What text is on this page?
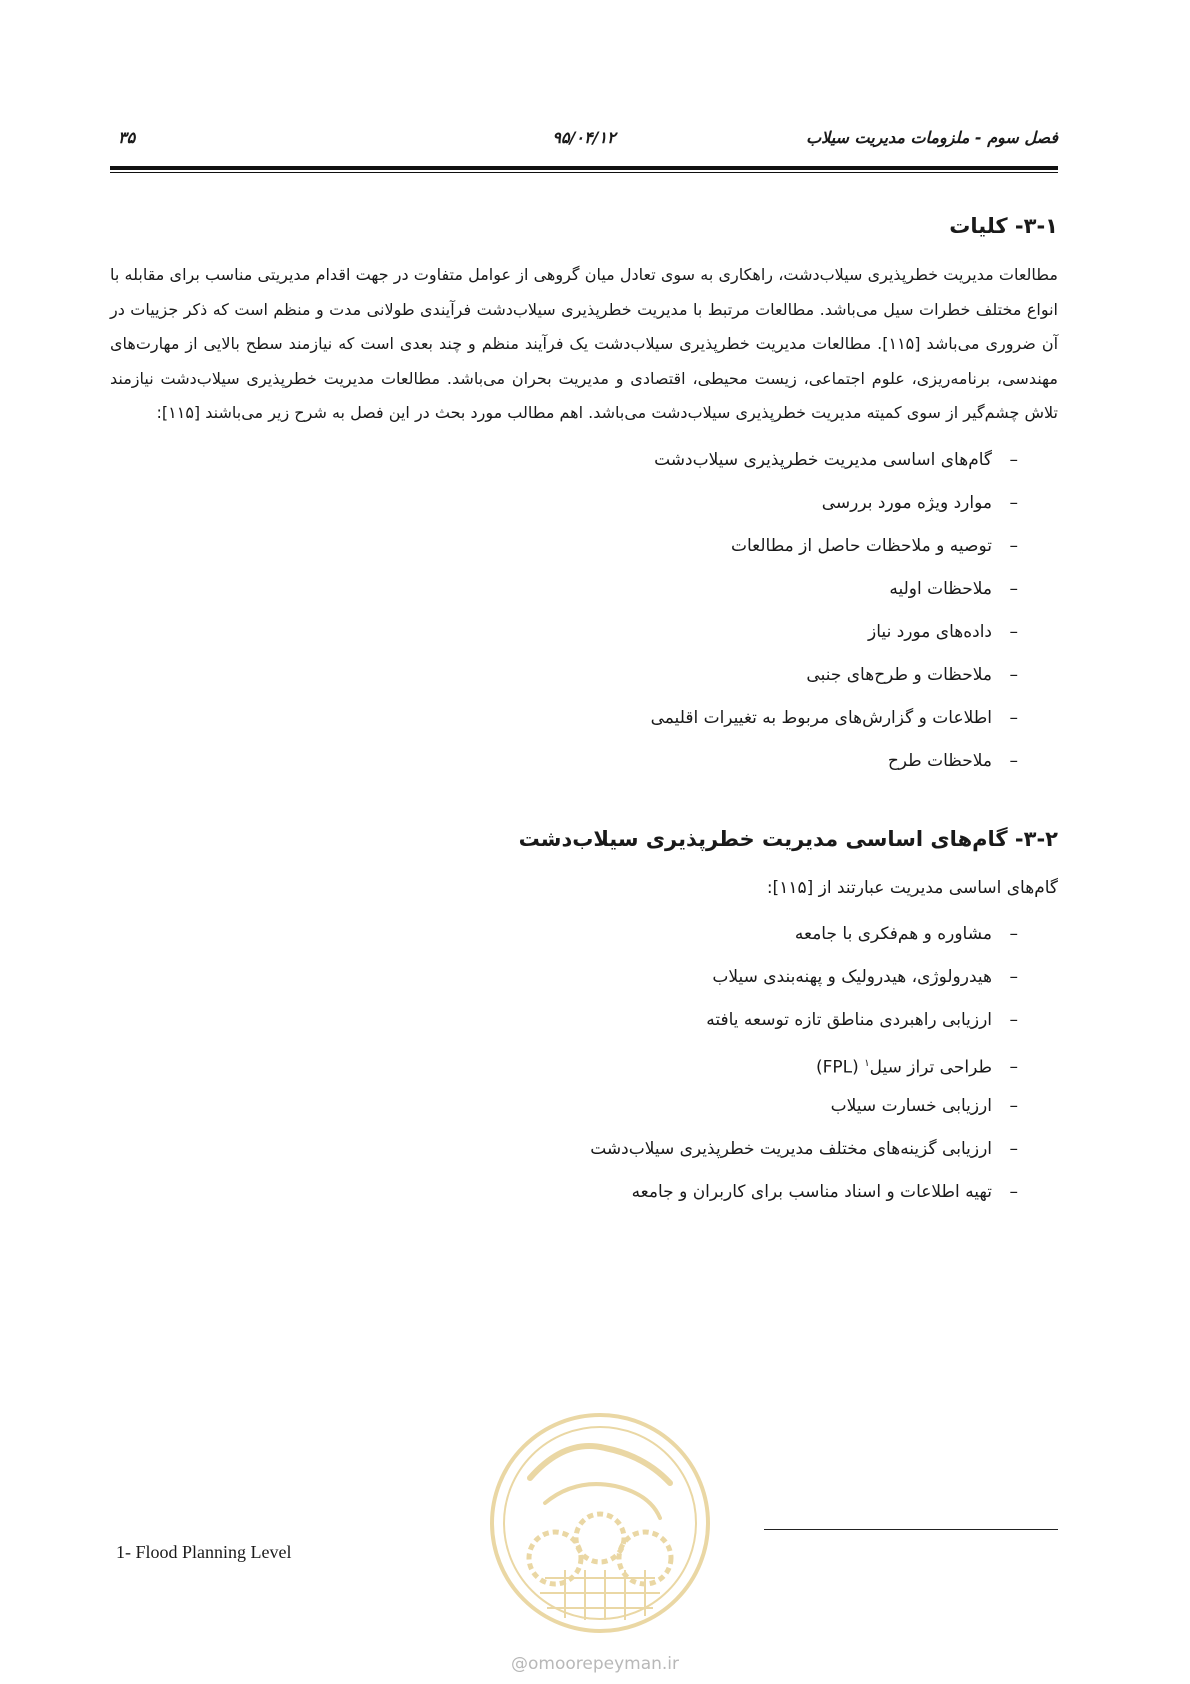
۳۵	۹۵/۰۴/۱۲	فصل سوم - ملزومات مدیریت سیلاب
۳-۱- کلیات

مطالعات مدیریت خطرپذیری سیلاب‌دشت، راهکاری به سوی تعادل میان گروهی از عوامل متفاوت در جهت اقدام مدیریتی مناسب برای مقابله با انواع مختلف خطرات سیل می‌باشد. مطالعات مرتبط با مدیریت خطرپذیری سیلاب‌دشت فرآیندی طولانی مدت و منظم است که ذکر جزییات در آن ضروری می‌باشد [۱۱۵]. مطالعات مدیریت خطرپذیری سیلاب‌دشت یک فرآیند منظم و چند بعدی است که نیازمند سطح بالایی از مهارت‌های مهندسی، برنامه‌ریزی، علوم اجتماعی، زیست محیطی، اقتصادی و مدیریت بحران می‌باشد. مطالعات مدیریت خطرپذیری سیلاب‌دشت نیازمند تلاش چشم‌گیر از سوی کمیته مدیریت خطرپذیری سیلاب‌دشت می‌باشد. اهم مطالب مورد بحث در این فصل به شرح زیر می‌باشند [۱۱۵]:

–گام‌های اساسی مدیریت خطرپذیری سیلاب‌دشت
–موارد ویژه مورد بررسی
–توصیه و ملاحظات حاصل از مطالعات
–ملاحظات اولیه
–داده‌های مورد نیاز
–ملاحظات و طرح‌های جنبی
–اطلاعات و گزارش‌های مربوط به تغییرات اقلیمی
–ملاحظات طرح
۳-۲- گام‌های اساسی مدیریت خطرپذیری سیلاب‌دشت

گام‌های اساسی مدیریت عبارتند از [۱۱۵]:

–مشاوره و هم‌فکری با جامعه
–هیدرولوژی، هیدرولیک و پهنه‌بندی سیلاب
–ارزیابی راهبردی مناطق تازه توسعه یافته
–طراحی تراز سیل$^۱$ (FPL)
–ارزیابی خسارت سیلاب
–ارزیابی گزینه‌های مختلف مدیریت خطرپذیری سیلاب‌دشت
–تهیه اطلاعات و اسناد مناسب برای کاربران و جامعه
1- Flood Planning Level
@omoorepeyman.ir
